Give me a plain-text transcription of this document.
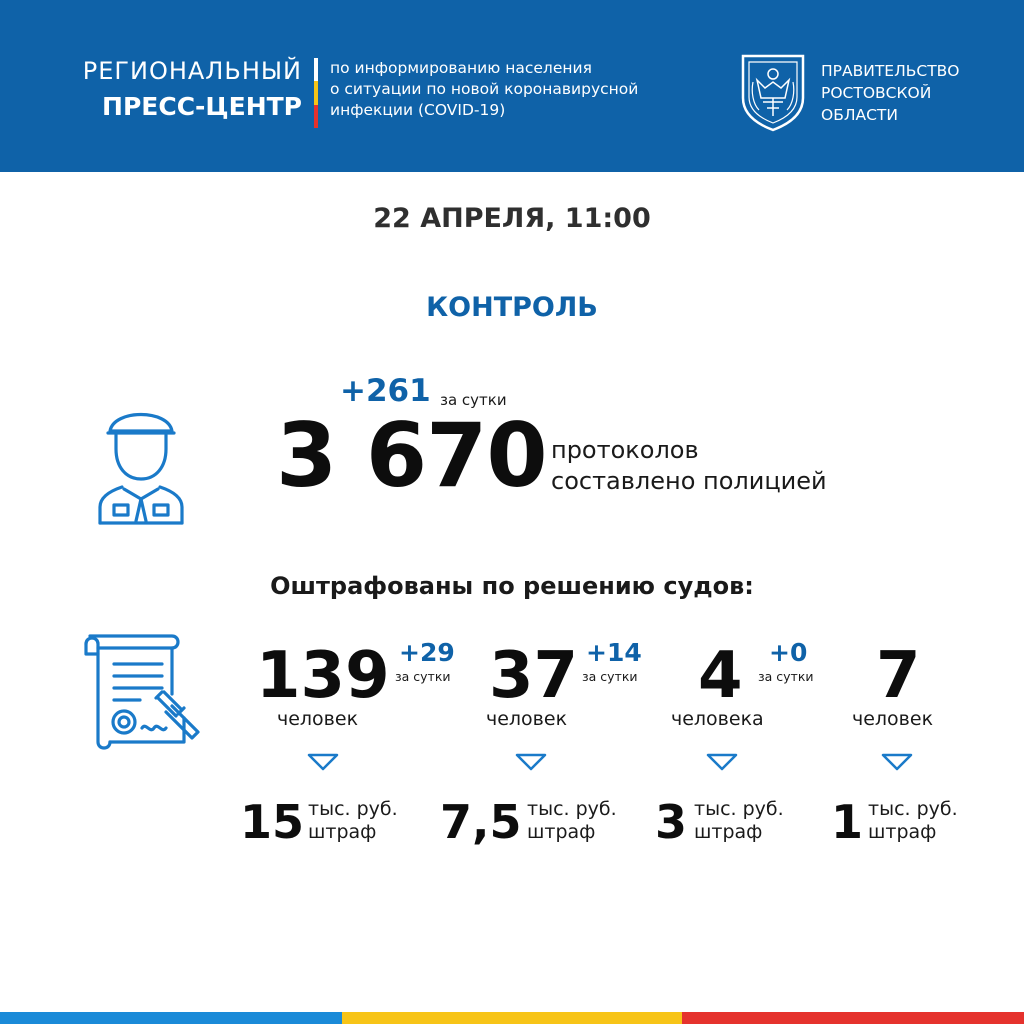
РЕГИОНАЛЬНЫЙ
ПРЕСС-ЦЕНТР
по информированию населения
о ситуации по новой коронавирусной
инфекции (COVID-19)
ПРАВИТЕЛЬСТВО
РОСТОВСКОЙ
ОБЛАСТИ
22 АПРЕЛЯ, 11:00
КОНТРОЛЬ
+261 за сутки
3 670 протоколов
составлено полицией
Оштрафованы по решению судов:
139 +29
за сутки
человек
15 тыс. руб.
штраф
37 +14
за сутки
человек
7,5 тыс. руб.
штраф
4 +0
за сутки
человека
3 тыс. руб.
штраф
7
человек
1 тыс. руб.
штраф
